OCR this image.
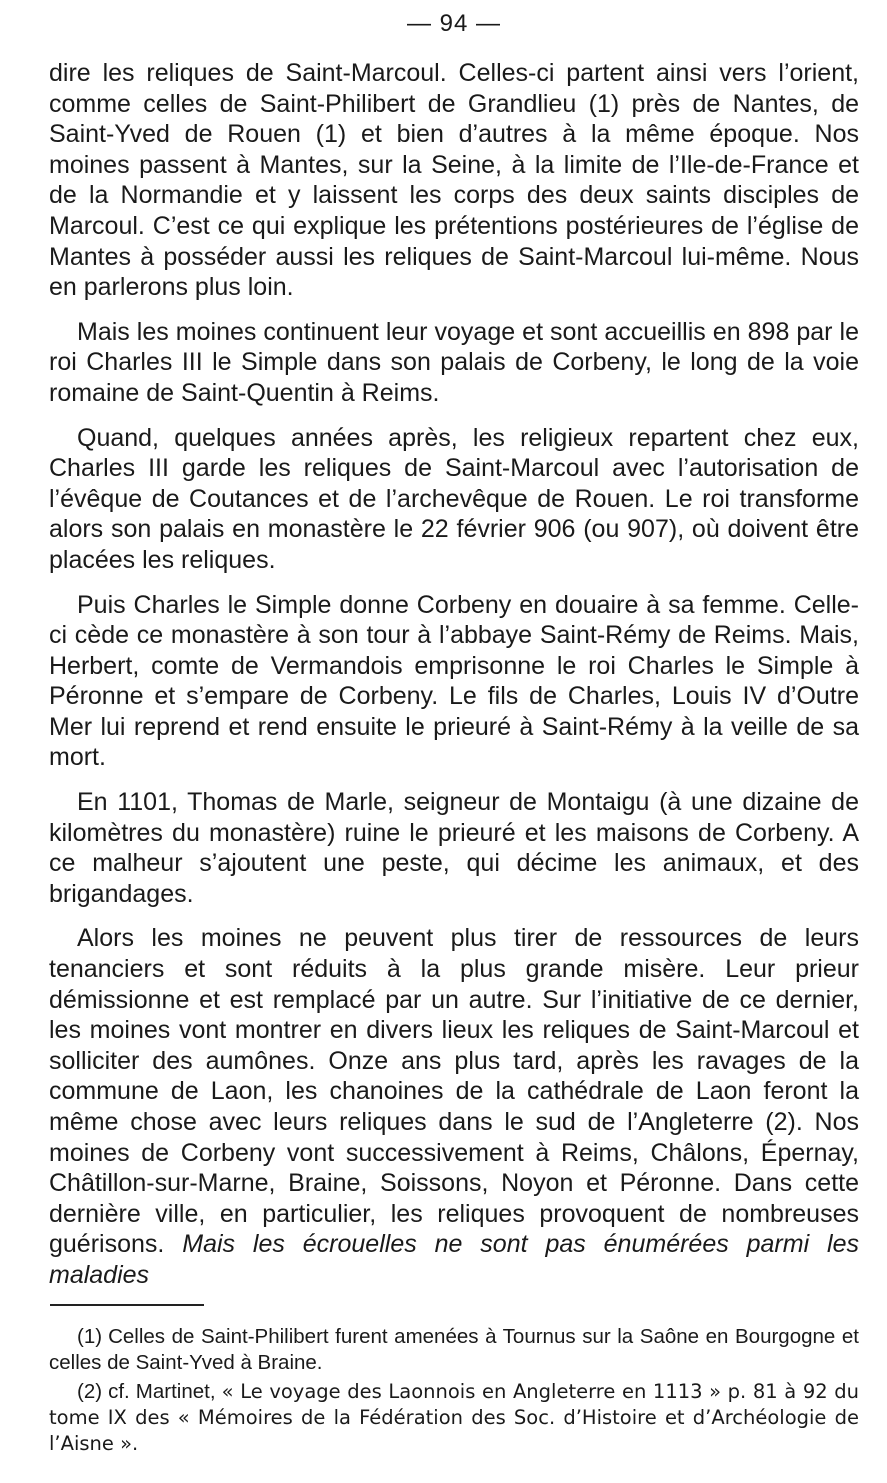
— 94 —

dire les reliques de Saint-Marcoul. Celles-ci partent ainsi vers l’orient, comme celles de Saint-Philibert de Grandlieu (1) près de Nantes, de Saint-Yved de Rouen (1) et bien d’autres à la même époque. Nos moines passent à Mantes, sur la Seine, à la limite de l’Ile-de-France et de la Normandie et y laissent les corps des deux saints disciples de Marcoul. C’est ce qui explique les prétentions postérieures de l’église de Mantes à posséder aussi les reliques de Saint-Marcoul lui-même. Nous en parlerons plus loin.

Mais les moines continuent leur voyage et sont accueillis en 898 par le roi Charles III le Simple dans son palais de Corbeny, le long de la voie romaine de Saint-Quentin à Reims.

Quand, quelques années après, les religieux repartent chez eux, Charles III garde les reliques de Saint-Marcoul avec l’autorisation de l’évêque de Coutances et de l’archevêque de Rouen. Le roi transforme alors son palais en monastère le 22 février 906 (ou 907), où doivent être placées les reliques.

Puis Charles le Simple donne Corbeny en douaire à sa femme. Celle-ci cède ce monastère à son tour à l’abbaye Saint-Rémy de Reims. Mais, Herbert, comte de Vermandois emprisonne le roi Charles le Simple à Péronne et s’empare de Corbeny. Le fils de Charles, Louis IV d’Outre Mer lui reprend et rend ensuite le prieuré à Saint-Rémy à la veille de sa mort.

En 1101, Thomas de Marle, seigneur de Montaigu (à une dizaine de kilomètres du monastère) ruine le prieuré et les maisons de Corbeny. A ce malheur s’ajoutent une peste, qui décime les animaux, et des brigandages.

Alors les moines ne peuvent plus tirer de ressources de leurs tenanciers et sont réduits à la plus grande misère. Leur prieur démissionne et est remplacé par un autre. Sur l’initiative de ce dernier, les moines vont montrer en divers lieux les reliques de Saint-Marcoul et solliciter des aumônes. Onze ans plus tard, après les ravages de la commune de Laon, les chanoines de la cathédrale de Laon feront la même chose avec leurs reliques dans le sud de l’Angleterre (2). Nos moines de Corbeny vont successivement à Reims, Châlons, Épernay, Châtillon-sur-Marne, Braine, Soissons, Noyon et Péronne. Dans cette dernière ville, en particulier, les reliques provoquent de nombreuses guérisons. Mais les écrouelles ne sont pas énumérées parmi les maladies

(1) Celles de Saint-Philibert furent amenées à Tournus sur la Saône en Bourgogne et celles de Saint-Yved à Braine.

(2) cf. Martinet, « Le voyage des Laonnois en Angleterre en 1113 » p. 81 à 92 du tome IX des « Mémoires de la Fédération des Soc. d’Histoire et d’Archéologie de l’Aisne ».
